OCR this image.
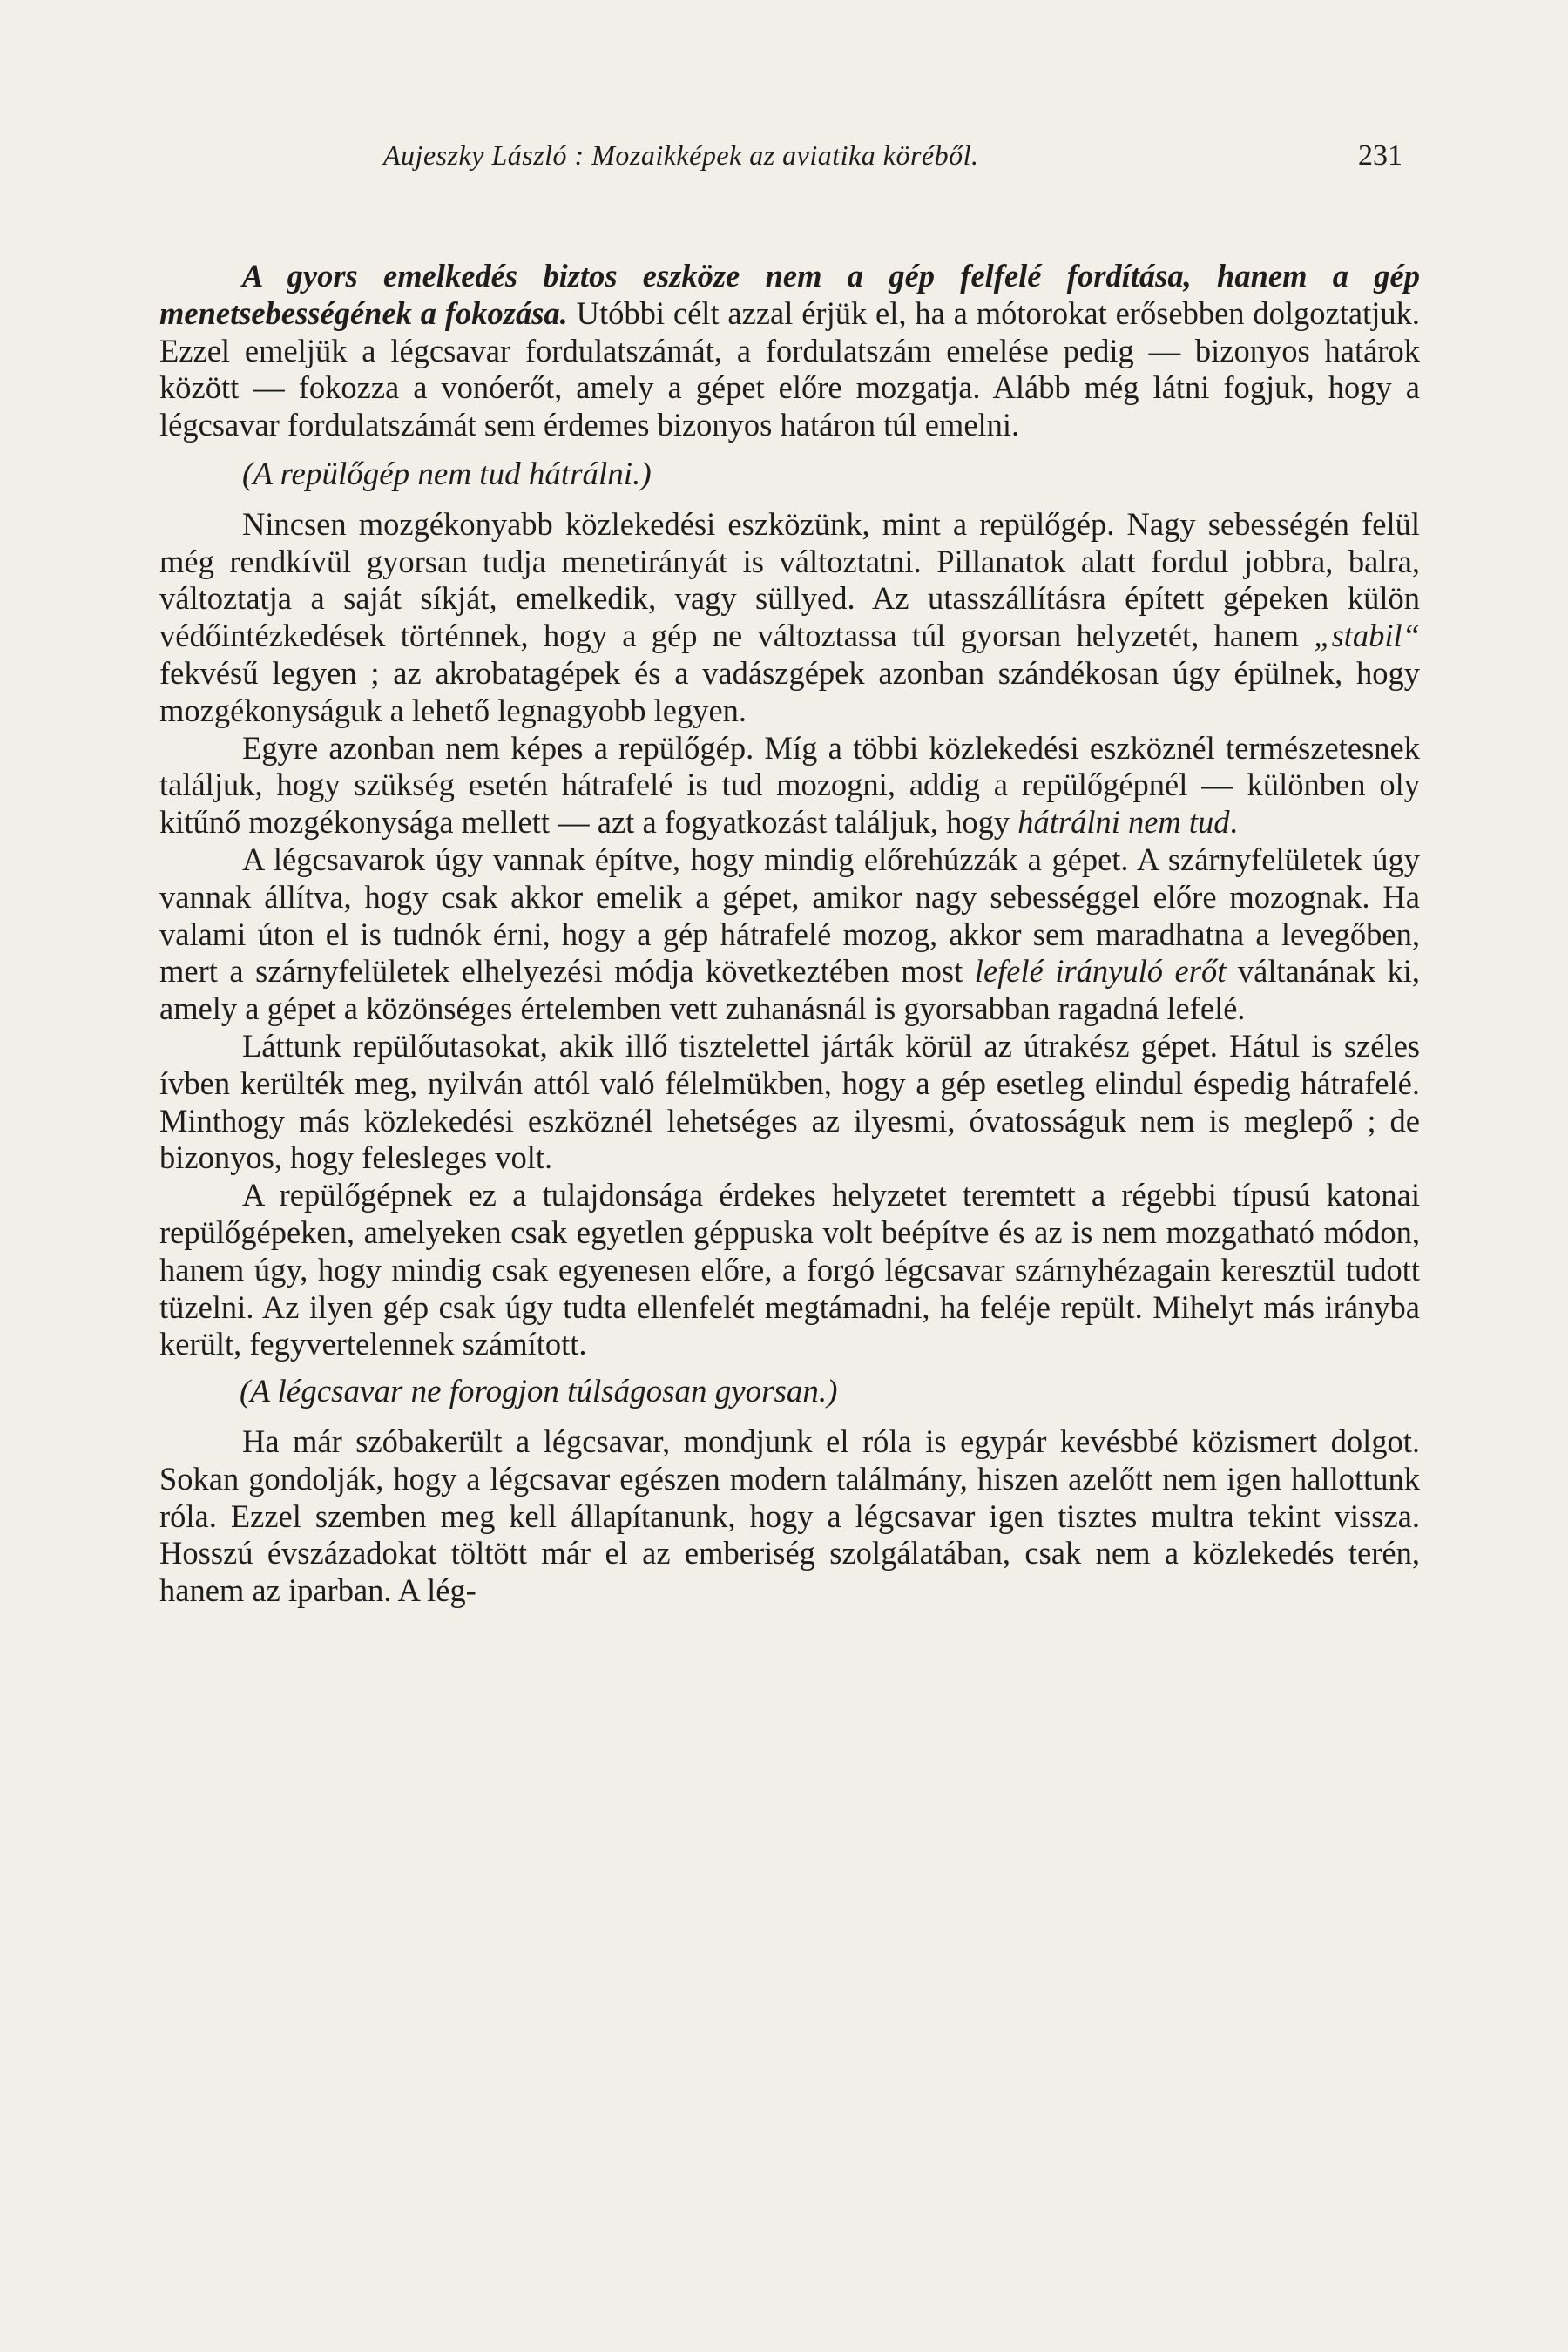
Aujeszky László : Mozaikképek az aviatika köréből.	231

A gyors emelkedés biztos eszköze nem a gép felfelé fordítása, hanem a gép menetsebességének a fokozása. Utóbbi célt azzal érjük el, ha a mótorokat erősebben dolgoztatjuk. Ezzel emeljük a légcsavar fordulatszámát, a fordulatszám emelése pedig — bizonyos határok között — fokozza a vonóerőt, amely a gépet előre mozgatja. Alább még látni fogjuk, hogy a légcsavar fordulatszámát sem érdemes bizonyos határon túl emelni.

(A repülőgép nem tud hátrálni.)

Nincsen mozgékonyabb közlekedési eszközünk, mint a repülőgép. Nagy sebességén felül még rendkívül gyorsan tudja menetirányát is változtatni. Pillanatok alatt fordul jobbra, balra, változtatja a saját síkját, emelkedik, vagy süllyed. Az utasszállításra épített gépeken külön védőintézkedések történnek, hogy a gép ne változtassa túl gyorsan helyzetét, hanem „stabil“ fekvésű legyen ; az akrobatagépek és a vadászgépek azonban szándékosan úgy épülnek, hogy mozgékonyságuk a lehető legnagyobb legyen.

Egyre azonban nem képes a repülőgép. Míg a többi közlekedési eszköznél természetesnek találjuk, hogy szükség esetén hátrafelé is tud mozogni, addig a repülőgépnél — különben oly kitűnő mozgékonysága mellett — azt a fogyatkozást találjuk, hogy hátrálni nem tud.

A légcsavarok úgy vannak építve, hogy mindig előrehúzzák a gépet. A szárnyfelületek úgy vannak állítva, hogy csak akkor emelik a gépet, amikor nagy sebességgel előre mozognak. Ha valami úton el is tudnók érni, hogy a gép hátrafelé mozog, akkor sem maradhatna a levegőben, mert a szárnyfelületek elhelyezési módja következtében most lefelé irányuló erőt váltanának ki, amely a gépet a közönséges értelemben vett zuhanásnál is gyorsabban ragadná lefelé.

Láttunk repülőutasokat, akik illő tisztelettel járták körül az útrakész gépet. Hátul is széles ívben kerülték meg, nyilván attól való félelmükben, hogy a gép esetleg elindul éspedig hátrafelé. Minthogy más közlekedési eszköznél lehetséges az ilyesmi, óvatosságuk nem is meglepő ; de bizonyos, hogy felesleges volt.

A repülőgépnek ez a tulajdonsága érdekes helyzetet teremtett a régebbi típusú katonai repülőgépeken, amelyeken csak egyetlen géppuska volt beépítve és az is nem mozgatható módon, hanem úgy, hogy mindig csak egyenesen előre, a forgó légcsavar szárnyhézagain keresztül tudott tüzelni. Az ilyen gép csak úgy tudta ellenfelét megtámadni, ha feléje repült. Mihelyt más irányba került, fegyvertelennek számított.

(A légcsavar ne forogjon túlságosan gyorsan.)

Ha már szóbakerült a légcsavar, mondjunk el róla is egypár kevésbbé közismert dolgot. Sokan gondolják, hogy a légcsavar egészen modern találmány, hiszen azelőtt nem igen hallottunk róla. Ezzel szemben meg kell állapítanunk, hogy a légcsavar igen tisztes multra tekint vissza. Hosszú évszázadokat töltött már el az emberiség szolgálatában, csak nem a közlekedés terén, hanem az iparban. A lég-
